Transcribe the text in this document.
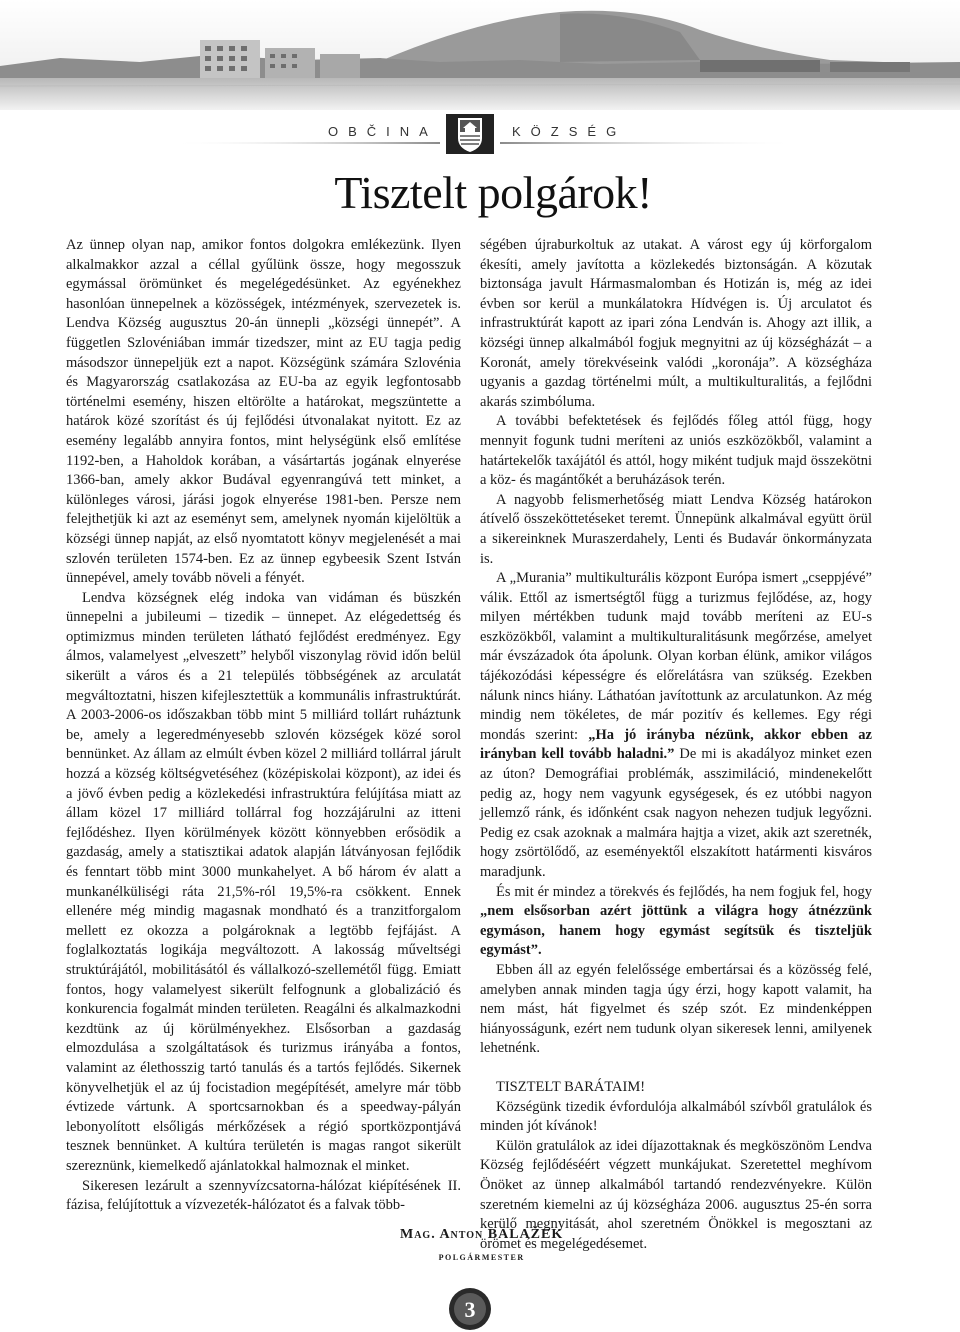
OBČINA	KÖZSÉG
Tisztelt polgárok!

Az ünnep olyan nap, amikor fontos dolgokra emlékezünk. Ilyen alkalmakkor azzal a céllal gyűlünk össze, hogy megosszuk egymással örömünket és megelégedésünket. Az egyénekhez hasonlóan ünnepelnek a közösségek, intézmények, szervezetek is. Lendva Község augusztus 20-án ünnepli „községi ünnepét”. A független Szlovéniában immár tizedszer, mint az EU tagja pedig másodszor ünnepeljük ezt a napot. Községünk számára Szlovénia és Magyarország csatlakozása az EU-ba az egyik legfontosabb történelmi esemény, hiszen eltörölte a határokat, megszüntette a határok közé szorítást és új fejlődési útvonalakat nyitott. Ez az esemény legalább annyira fontos, mint helységünk első említése 1192-ben, a Haholdok korában, a vásártartás jogának elnyerése 1366-ban, amely akkor Budával egyenrangúvá tett minket, a különleges városi, járási jogok elnyerése 1981-ben. Persze nem felejthetjük ki azt az eseményt sem, amelynek nyomán kijelöltük a községi ünnep napját, az első nyomtatott könyv megjelenését a mai szlovén területen 1574-ben. Ez az ünnep egybeesik Szent István ünnepével, amely tovább növeli a fényét.

Lendva községnek elég indoka van vidáman és büszkén ünnepelni a jubileumi – tizedik – ünnepet. Az elégedettség és optimizmus minden területen látható fejlődést eredményez. Egy álmos, valamelyest „elveszett” helyből viszonylag rövid időn belül sikerült a város és a 21 település többségének az arculatát megváltoztatni, hiszen kifejlesztettük a kommunális infrastruktúrát. A 2003-2006-os időszakban több mint 5 milliárd tollárt ruháztunk be, amely a legeredményesebb szlovén községek közé sorol bennünket. Az állam az elmúlt évben közel 2 milliárd tollárral járult hozzá a község költségvetéséhez (középiskolai központ), az idei és a jövő évben pedig a közlekedési infrastruktúra felújítása miatt az állam közel 17 milliárd tollárral fog hozzájárulni az itteni fejlődéshez. Ilyen körülmények között könnyebben erősödik a gazdaság, amely a statisztikai adatok alapján látványosan fejlődik és fenntart több mint 3000 munkahelyet. A bő három év alatt a munkanélküliségi ráta 21,5%-ról 19,5%-ra csökkent. Ennek ellenére még mindig magasnak mondható és a tranzitforgalom mellett ez okozza a polgároknak a legtöbb fejfájást. A foglalkoztatás logikája megváltozott. A lakosság műveltségi struktúrájától, mobilitásától és vállalkozó-szellemétől függ. Emiatt fontos, hogy valamelyest sikerült felfognunk a globalizáció és konkurencia fogalmát minden területen. Reagálni és alkalmazkodni kezdtünk az új körülményekhez. Elsősorban a gazdaság elmozdulása a szolgáltatások és turizmus irányába a fontos, valamint az élethosszig tartó tanulás és a tartós fejlődés. Sikernek könyvelhetjük el az új focistadion megépítését, amelyre már több évtizede vártunk. A sportcsarnokban és a speedway-pályán lebonyolított elsőligás mérkőzések a régió sportközpontjává tesznek bennünket. A kultúra területén is magas rangot sikerült szereznünk, kiemelkedő ajánlatokkal halmoznak el minket.

Sikeresen lezárult a szennyvízcsatorna-hálózat kiépítésének II. fázisa, felújítottuk a vízvezeték-hálózatot és a falvak több-

ségében újraburkoltuk az utakat. A várost egy új körforgalom ékesíti, amely javította a közlekedés biztonságán. A közutak biztonsága javult Hármasmalomban és Hotizán is, még az idei évben sor kerül a munkálatokra Hídvégen is. Új arculatot és infrastruktúrát kapott az ipari zóna Lendván is. Ahogy azt illik, a községi ünnep alkalmából fogjuk megnyitni az új községházát – a Koronát, amely törekvéseink valódi „koronája”. A községháza ugyanis a gazdag történelmi múlt, a multikulturalitás, a fejlődni akarás szimbóluma.

A további befektetések és fejlődés főleg attól függ, hogy mennyit fogunk tudni meríteni az uniós eszközökből, valamint a határtekelők taxájától és attól, hogy miként tudjuk majd összekötni a köz- és magántőkét a beruházások terén.

A nagyobb felismerhetőség miatt Lendva Község határokon átívelő összeköttetéseket teremt. Ünnepünk alkalmával együtt örül a sikereinknek Muraszerdahely, Lenti és Budavár önkormányzata is.

A „Murania” multikulturális központ Európa ismert „cseppjévé” válik. Ettől az ismertségtől függ a turizmus fejlődése, az, hogy milyen mértékben tudunk majd tovább meríteni az EU-s eszközökből, valamint a multikulturalitásunk megőrzése, amelyet már évszázadok óta ápolunk. Olyan korban élünk, amikor világos tájékozódási képességre és előrelátásra van szükség. Ezekben nálunk nincs hiány. Láthatóan javítottunk az arculatunkon. Az még mindig nem tökéletes, de már pozitív és kellemes. Egy régi mondás szerint: „Ha jó irányba nézünk, akkor ebben az irányban kell tovább haladni.” De mi is akadályoz minket ezen az úton? Demográfiai problémák, asszimiláció, mindenekelőtt pedig az, hogy nem vagyunk egységesek, és ez utóbbi nagyon jellemző ránk, és időnként csak nagyon nehezen tudjuk legyőzni. Pedig ez csak azoknak a malmára hajtja a vizet, akik azt szeretnék, hogy zsörtölődő, az eseményektől elszakított határmenti kisváros maradjunk.

És mit ér mindez a törekvés és fejlődés, ha nem fogjuk fel, hogy „nem elsősorban azért jöttünk a világra hogy átnézzünk egymáson, hanem hogy egymást segítsük és tiszteljük egymást”.

Ebben áll az egyén felelőssége embertársai és a közösség felé, amelyben annak minden tagja úgy érzi, hogy kapott valamit, ha nem mást, hát figyelmet és szép szót. Ez mindenképpen hiányosságunk, ezért nem tudunk olyan sikeresek lenni, amilyenek lehetnénk.

TISZTELT BARÁTAIM!

Községünk tizedik évfordulója alkalmából szívből gratulálok és minden jót kívánok!

Külön gratulálok az idei díjazottaknak és megköszönöm Lendva Község fejlődéséért végzett munkájukat. Szeretettel meghívom Önöket az ünnep alkalmából tartandó rendezvényekre. Külön szeretném kiemelni az új községháza 2006. augusztus 25-én sorra kerülő megnyitását, ahol szeretném Önökkel is megosztani az örömet és megelégedésemet.

Mag. Anton BALAŽEK
polgármester
3
